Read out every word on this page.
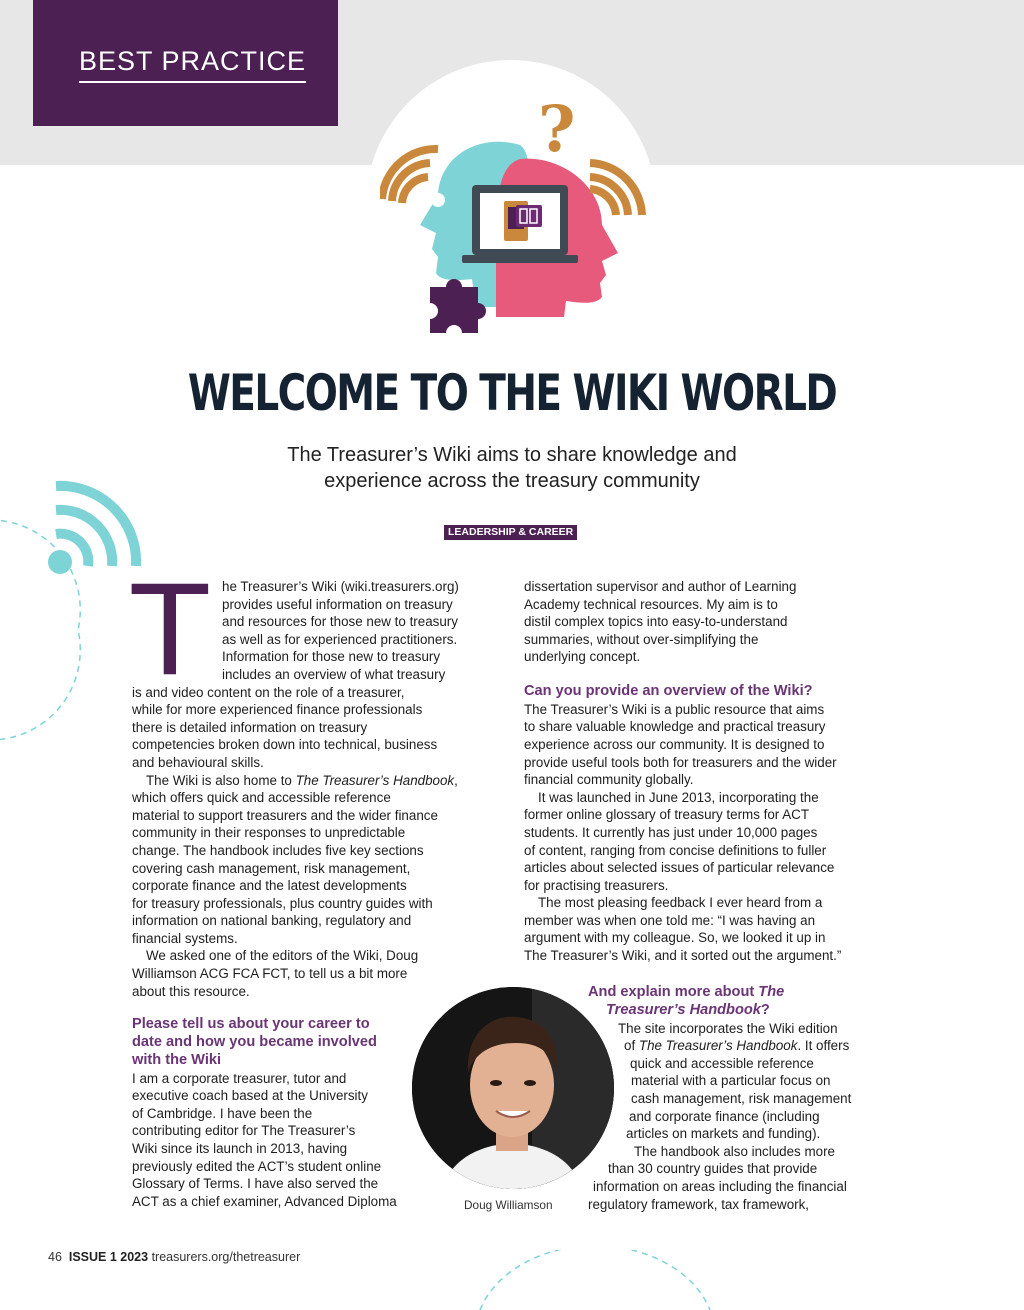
BEST PRACTICE
?
WELCOME TO THE WIKI WORLD
The Treasurer’s Wiki aims to share knowledge and
experience across the treasury community
LEADERSHIP & CAREER
T he Treasurer’s Wiki (wiki.treasurers.org)
provides useful information on treasury
and resources for those new to treasury
as well as for experienced practitioners.
Information for those new to treasury
includes an overview of what treasury
is and video content on the role of a treasurer,
while for more experienced finance professionals
there is detailed information on treasury
competencies broken down into technical, business
and behavioural skills.

The Wiki is also home to The Treasurer’s Handbook,
which offers quick and accessible reference
material to support treasurers and the wider finance
community in their responses to unpredictable
change. The handbook includes five key sections
covering cash management, risk management,
corporate finance and the latest developments
for treasury professionals, plus country guides with
information on national banking, regulatory and
financial systems.

We asked one of the editors of the Wiki, Doug
Williamson ACG FCA FCT, to tell us a bit more
about this resource.

Please tell us about your career to
date and how you became involved
with the Wiki

I am a corporate treasurer, tutor and
executive coach based at the University
of Cambridge. I have been the
contributing editor for The Treasurer’s
Wiki since its launch in 2013, having
previously edited the ACT’s student online
Glossary of Terms. I have also served the
ACT as a chief examiner, Advanced Diploma

dissertation supervisor and author of Learning
Academy technical resources. My aim is to
distil complex topics into easy-to-understand
summaries, without over-simplifying the
underlying concept.

Can you provide an overview of the Wiki?

The Treasurer’s Wiki is a public resource that aims
to share valuable knowledge and practical treasury
experience across our community. It is designed to
provide useful tools both for treasurers and the wider
financial community globally.

It was launched in June 2013, incorporating the
former online glossary of treasury terms for ACT
students. It currently has just under 10,000 pages
of content, ranging from concise definitions to fuller
articles about selected issues of particular relevance
for practising treasurers.

The most pleasing feedback I ever heard from a
member was when one told me: “I was having an
argument with my colleague. So, we looked it up in
The Treasurer’s Wiki, and it sorted out the argument.”

And explain more about The
Treasurer’s Handbook?

The site incorporates the Wiki edition
of The Treasurer’s Handbook. It offers
quick and accessible reference
material with a particular focus on
cash management, risk management
and corporate finance (including
articles on markets and funding).
The handbook also includes more
than 30 country guides that provide
information on areas including the financial
regulatory framework, tax framework,

Doug Williamson
46 ISSUE 1 2023 treasurers.org/thetreasurer
